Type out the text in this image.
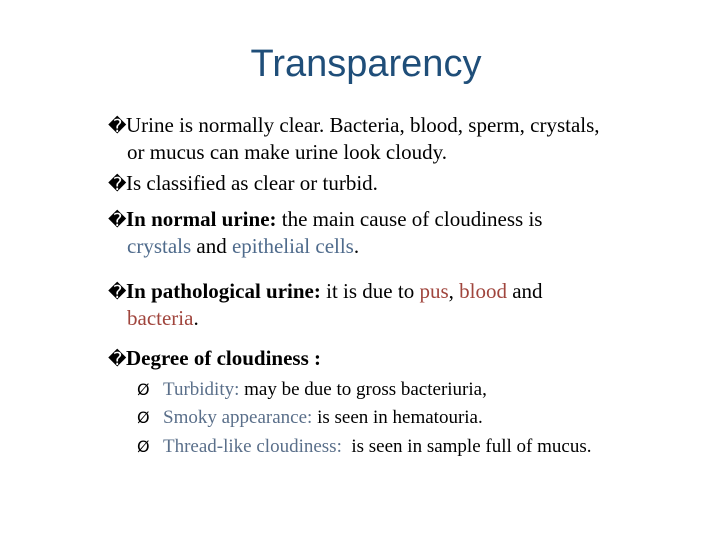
Transparency
�Urine is normally clear. Bacteria, blood, sperm, crystals,
or mucus can make urine look cloudy.
�Is classified as clear or turbid.
�In normal urine: the main cause of cloudiness is
crystals and epithelial cells.
�In pathological urine: it is due to pus, blood and
bacteria.
�Degree of cloudiness :
Ø Turbidity: may be due to gross bacteriuria,
Ø Smoky appearance: is seen in hematouria.
Ø Thread-like cloudiness:  is seen in sample full of mucus.
